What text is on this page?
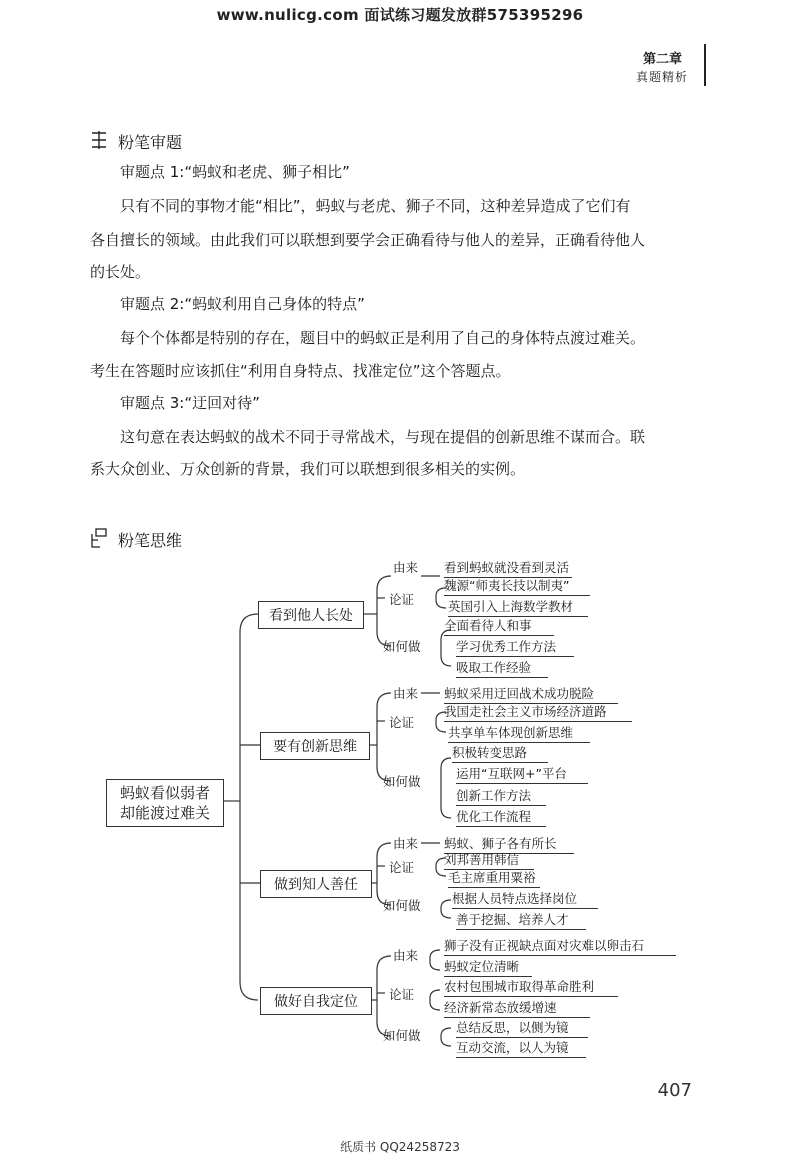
www.nulicg.com 面试练习题发放群575395296
第二章
真题精析
粉笔审题
审题点 1:“蚂蚁和老虎、狮子相比”
只有不同的事物才能“相比”，蚂蚁与老虎、狮子不同，这种差异造成了它们有
各自擅长的领域。由此我们可以联想到要学会正确看待与他人的差异，正确看待他人
的长处。
审题点 2:“蚂蚁利用自己身体的特点”
每个个体都是特别的存在，题目中的蚂蚁正是利用了自己的身体特点渡过难关。
考生在答题时应该抓住“利用自身特点、找准定位”这个答题点。
审题点 3:“迂回对待”
这句意在表达蚂蚁的战术不同于寻常战术，与现在提倡的创新思维不谋而合。联
系大众创业、万众创新的背景，我们可以联想到很多相关的实例。
粉笔思维
蚂蚁看似弱者
却能渡过难关
看到他人长处
要有创新思维
做到知人善任
做好自我定位
由来 看到蚂蚁就没看到灵活
论证
魏源“师夷长技以制夷”
英国引入上海数学教材
如何做
全面看待人和事
学习优秀工作方法
吸取工作经验
由来 蚂蚁采用迂回战术成功脱险
论证
我国走社会主义市场经济道路
共享单车体现创新思维
如何做
积极转变思路
运用“互联网+”平台
创新工作方法
优化工作流程
由来 蚂蚁、狮子各有所长
论证
刘邦善用韩信
毛主席重用粟裕
如何做	根据人员特点选择岗位
善于挖掘、培养人才
由来
狮子没有正视缺点面对灾难以卵击石
蚂蚁定位清晰
论证
农村包围城市取得革命胜利
经济新常态放缓增速
如何做
总结反思，以侧为镜
互动交流，以人为镜
407
纸质书 QQ24258723
